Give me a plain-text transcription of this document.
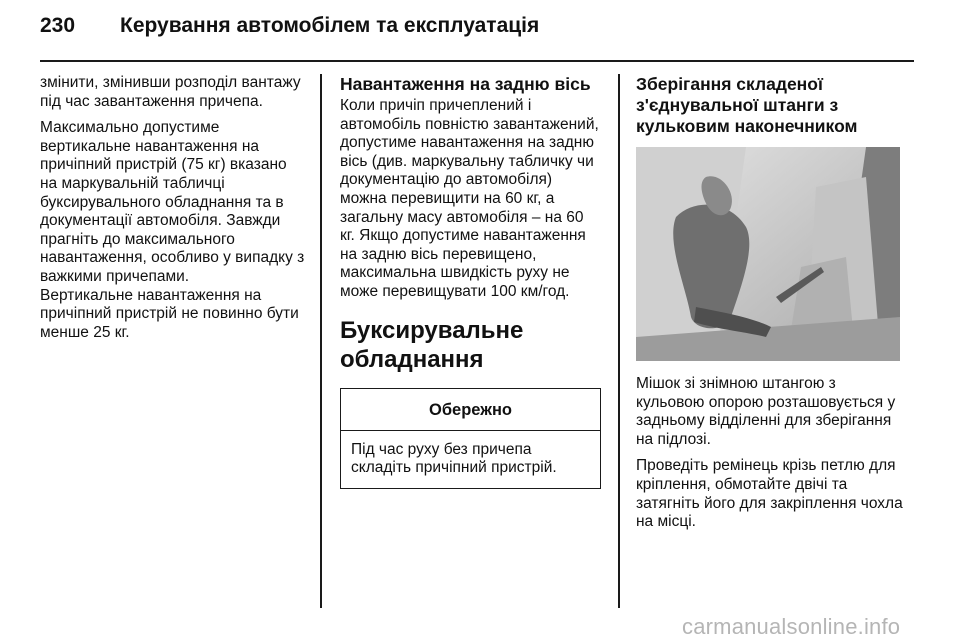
230 Керування автомобілем та експлуатація

змінити, змінивши розподіл вантажу під час завантаження причепа.

Максимально допустиме вертикальне навантаження на причіпний пристрій (75 кг) вказано на маркувальній табличці буксирувального обладнання та в документації автомобіля. Завжди прагніть до максимального навантаження, особливо у випадку з важкими причепами.

Вертикальне навантаження на причіпний пристрій не повинно бути менше 25 кг.

Навантаження на задню вісь

Коли причіп причеплений і автомобіль повністю завантажений, допустиме навантаження на задню вісь (див. маркувальну табличку чи документацію до автомобіля) можна перевищити на 60 кг, а загальну масу автомобіля – на 60 кг. Якщо допустиме навантаження на задню вісь перевищено, максимальна швидкість руху не може перевищувати 100 км/год.

Буксирувальне обладнання
Обережно
Під час руху без причепа складіть причіпний пристрій.
Зберігання складеної з'єднувальної штанги з кульковим наконечником

Мішок зі знімною штангою з кульовою опорою розташовується у задньому відділенні для зберігання на підлозі.

Проведіть ремінець крізь петлю для кріплення, обмотайте двічі та затягніть його для закріплення чохла на місці.

carmanualsonline.info
